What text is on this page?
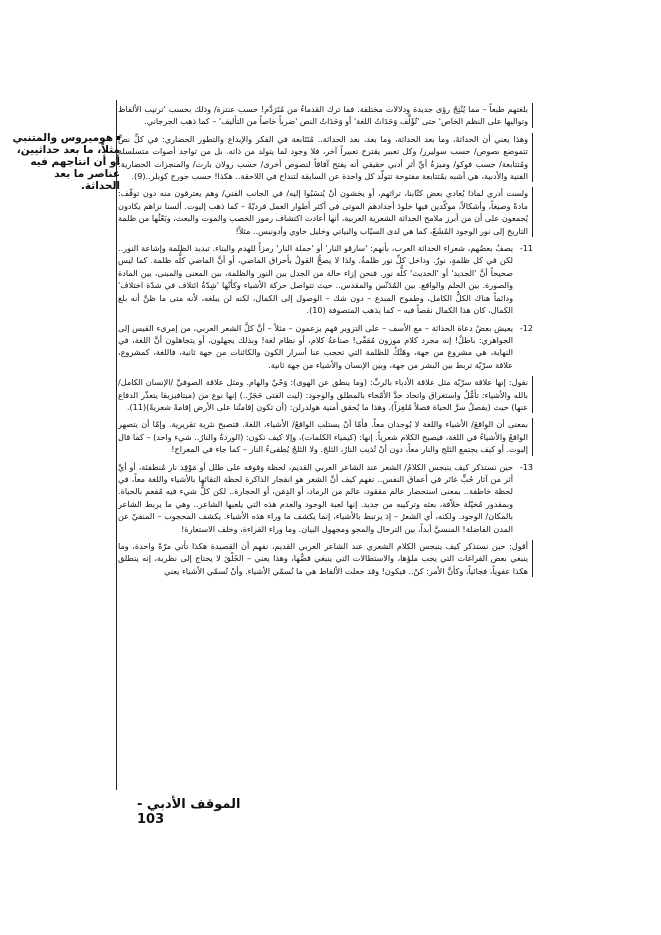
هوميروس والمتنبي مثلاً، ما بعد حداثيين، أو أن انتاجهم فيه عناصر ما بعد الحداثة.

بلغتهم طبعاً – مما يُنْتِجُ رؤى جديدة ودلالات مختلفة. فما ترك القدماءُ من مُتَرَدَّم! حسب عنترة/ وذلك بحسب 'ترتيب الألفاظ وتواليها على النظم الخاص' حتى 'تُؤَلَّف وَحَدَاتُ اللغة' أو وَحَدَاتُ النص 'ضرباً خاصاً من التأليف' – كما ذهب الجرجاني.

وهذا يعني أن الحداثةَ، وما بعد الحداثة، وما بعد، بعد الحداثة.. مُتَتَابعة في الفكر والإبداع والتطور الحضاري: في كلِّ نصٍّ تتموضع نصوص/ حسب سوليرز/ وكل تعبير يقترح تعبيراً آخر، فلا وجود لما يتولد من ذاته. بل من تواجد أصوات متسلسلة ومُتتابعة/ حسب فوكو/ وميزةُ أيِّ أثر أدبي حقيقي أنه يفتح آفاقاً لنصوص أخرى/ حسب رولان بارت/ والمنجزات الحضارية: الفنية والأدبية، هي أشبه بمُتتابعة مفتوحة تتولّد كل واحدة عن السابقة لتنداح في اللاحقة.. هكذا! حسب جورج كوبلر..(9).

ولست أدري لماذا يُعادي بعض كتّابنا، تراثهم، أو يخشون أنْ يُنسَبُوا إليه/ في الجانب الفني/ وهم يعترفون منه دون توقّف: مادةً وصيغاً، وأشكالاً، موكّدين فيها خلودَ أجدادهم الموتى في أكثر أطوار العمل فرديّةً – كما ذهب إليوت. ألسنا نزاهم يكادون يُجمعون على أن من أبرز ملامح الحداثة الشعرية العربية، أنها أعادت اكتشاف رموز الخصب والموت والبعث، وبَعْثُها من ظلمة التاريخ إلى نور الوجود المُشَعّ، كما هي لدى السيّاب والبياتي وخليل حاوي وأدونيس.. مثلاً!

11-
يصفُ بعضُهم، شعراء الحداثة العرب، بأنهم: 'سارقو النار' أو 'حملة النار' رمزاً للهدم والبناء. تبديد الظلمة وإشاعة النور.. لكن في كل ظلمةٍ، نورٌ. وداخل كلِّ نور ظلمةٌ. ولذا لا يصحُّ القولُ بأحراق الماضي، أو أنَّ الماضي كلُّه ظلمة. كما ليس صحيحاً أنَّ 'الجديد' أو 'الحديث' كلُّه نور. فنحن إزاء حالة من الجدل بين النور والظلمة، بين المعنى والمبنى، بين المادة والصورة. بين الحلم والواقع. بين المُدَنّس والمقدس.. حيث تتواصل حركة الأشياء وكأنّها 'شِدّةُ ائتلاف في شدّة اختلاف' ودائماً هناك الكلُّ الكامل، وطموح المبدع – دون شك – الوصول إلى الكمال، لكنه لن يبلغه، لأنه متى ما ظنَّ أنه بلغ الكمال، كان هذا الكمال نقصاً فيه – كما يذهب المتصوفة (10).
12-
يعيش بعضُ دعاة الحداثة – مع الأسف – على التزوير فهم يزعمون – مثلاً – أنَّ كلَّ الشعر العربي، من إمرىء القيس إلى الجواهري: باطلٌ! إنه مجرد كلام موزون مُقفّى! صناعةُ كلام، أو نظام لغة! وبذلك يجهلون، أو يتجاهلون أنَّ اللغة، في النهاية، هي مشروع من جهة، وهَتْكٌ للظلمة التي تحجب عنا أسرار الكون والكائنات من جهة ثانية، فاللغة، كمشروع، علاقة سرّيّة تربط بين البشر من جهة، وبين الإنسان والأشياء من جهة ثانية.

نقول: إنها علاقة سرّيّة مثل علاقة الأدباء بالربِّ: (وما ينطق عن الهوى): وَحْيٌ والهام. ومثل علاقة الصوفيِّ /الإنسان الكامل/ بالله والأشياء: تأمُّلٌ واستغراق واتحاد حدَّ الأمّحاء بالمطلق والوجود: (ليت الفتى حَجَرٌ..) إنها نوع من (ميتافيزيقا يتعذّر الدفاع عنها) حيث (يفصلُ سرَّ الحياة فصلاً مُلغِزاً). وهذا ما يُحقق أمنية هولدرلن: (أن تكون إقامتُنا على الأرض إقامةً شعريةً)(11).

بمعنى أن الواقعَ/ الأشياء واللغة لا يُوجدان معاً. فأمّا أنْ يستلب الواقعُ/ الأشياء، اللغةَ. فتصبح نثرية تقريرية. وإمّا أن يتصهر الواقعُ والأشياءُ في اللغة، فيصبح الكلام شعرياً. إنها: (كيمياء الكلمات)، وإلا كيف تكون: (الوردةُ والنارُ.. شيء واحد) – كما قال إليوت. أو كيف يجتمع الثلج والنار معاً، دون أنْ تُذيب النارُ، الثلجَ. ولا الثلجُ يُطفىءُ النار – كما جاء في المعراج!

13-
حين نستذكر كيف ينبجس الكلامُ/ الشعر عند الشاعر العربي القديم، لحظة وقوفه على طلل أو مَوْقِد نار مُنطفئة، أو أيِّ أثر من آثار حُبٍّ غائر في أعماق النفس.. نفهم كيف أنَّ الشعر هو انفجار الذاكرة لحظة التقائها بالأشياء واللغة معاً، في لحظة خاطفة.. بمعنى استحضار عالم مفقود، عالم من الرماد، أو الدِمَن، أو الحجارة.. لكن كلُّ شيء فيه مُفعم بالحياة. وبمقدور مُخيّلة خلاّقة، بعثه وتركيبه من جديد. إنها لعبة الوجود والعدم هذه التي يلعبها الشاعر.. وهي ما يربط الشاعر بالمكان/ الوجود. ولكنه، أي الشعرُ – إذ يرتبط بالأشياء، إنما يكشف ما وراء هذه الأشياء. يكشف المحجوب – المنفيّ عن المدن الفاضلة! المنسيَّ أبداً، بين الترحال والمحو ومجهول البيان. وما وراء القراءة، وخلف الاستعارة!

أقول: حين نستذكر كيف ينبجس الكلام الشعري عند الشاعر العربي القديم، نفهم أن القصيدة هكذا تأتي مرّةً واحدة، وما ينبغي بعض الفراغات التي يجب ملؤها، والاستطالات التي ينبغي قصُّها، وهذا يعني – الخَلْقَ لا يحتاج إلى نظرية، إنه ينطلق هكذا عفوياً، فجائياً، وكأنَّ الأمر: كنْ.. فيكون! وقد جعلت الألفاظ هي ما تُسمّي الأشياء. وأنْ تُسمّي الأشياء يعني

الموقف الأدبي - 103
